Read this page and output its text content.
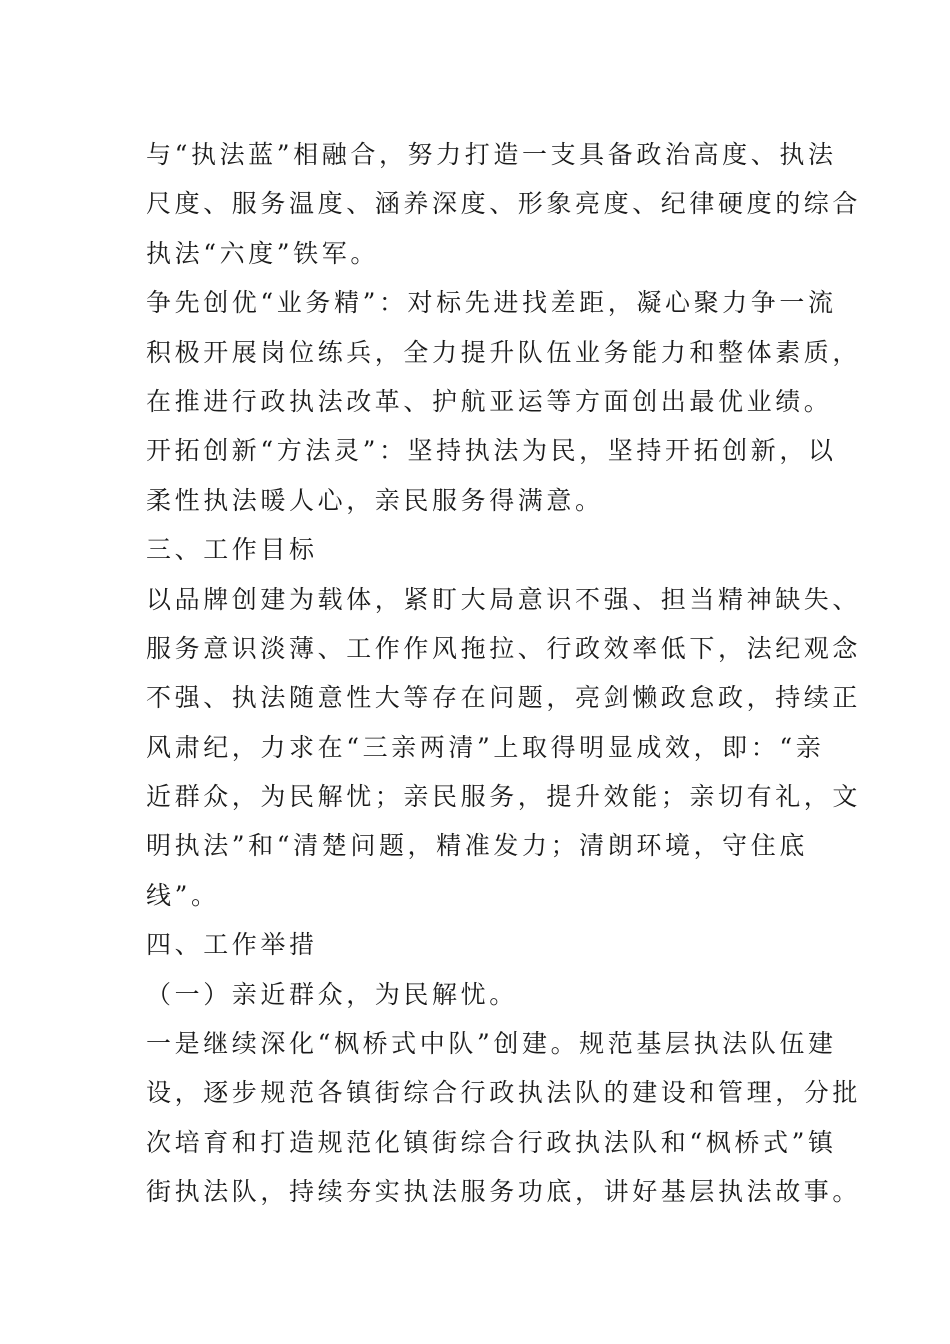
与“执法蓝”相融合，努力打造一支具备政治高度、执法
尺度、服务温度、涵养深度、形象亮度、纪律硬度的综合
执法“六度”铁军。
争先创优“业务精”：对标先进找差距，凝心聚力争一流
积极开展岗位练兵，全力提升队伍业务能力和整体素质，
在推进行政执法改革、护航亚运等方面创出最优业绩。
开拓创新“方法灵”：坚持执法为民，坚持开拓创新，以
柔性执法暖人心，亲民服务得满意。
三、工作目标
以品牌创建为载体，紧盯大局意识不强、担当精神缺失、
服务意识淡薄、工作作风拖拉、行政效率低下，法纪观念
不强、执法随意性大等存在问题，亮剑懒政怠政，持续正
风肃纪，力求在“三亲两清”上取得明显成效，即：“亲
近群众，为民解忧；亲民服务，提升效能；亲切有礼，文
明执法”和“清楚问题，精准发力；清朗环境，守住底
线”。
四、工作举措
（一）亲近群众，为民解忧。
一是继续深化“枫桥式中队”创建。规范基层执法队伍建
设，逐步规范各镇街综合行政执法队的建设和管理，分批
次培育和打造规范化镇街综合行政执法队和“枫桥式”镇
街执法队，持续夯实执法服务功底，讲好基层执法故事。
